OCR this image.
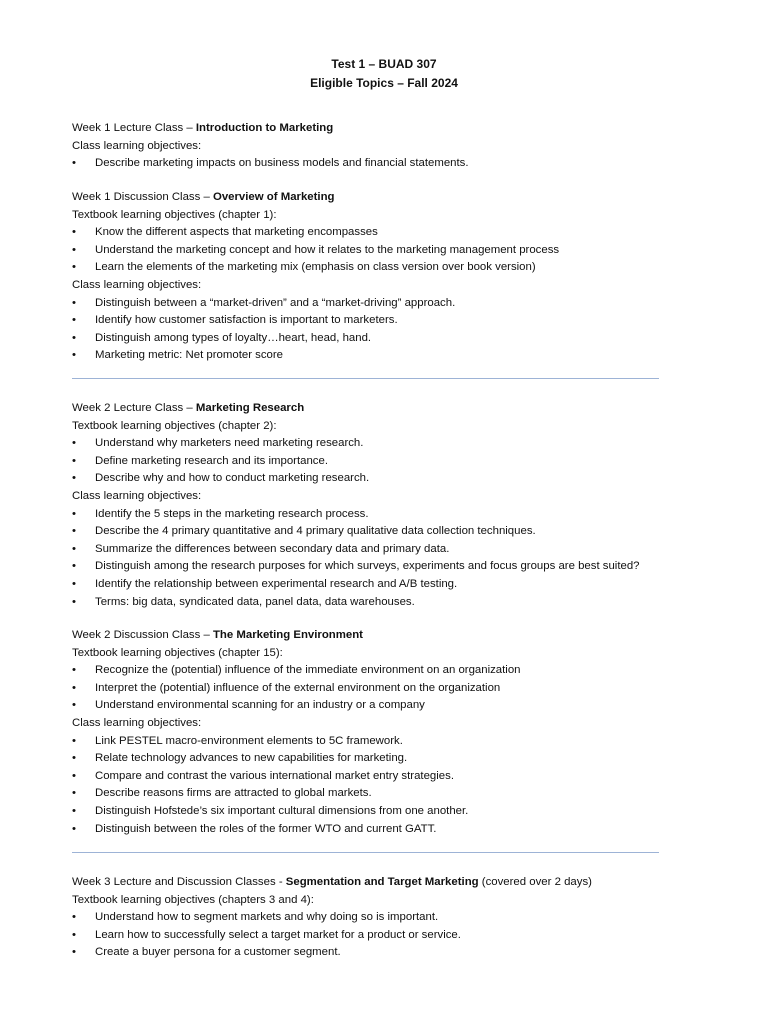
Test 1 – BUAD 307
Eligible Topics – Fall 2024
Week 1 Lecture Class – Introduction to Marketing
Class learning objectives:
• Describe marketing impacts on business models and financial statements.
Week 1 Discussion Class – Overview of Marketing
Textbook learning objectives (chapter 1):
• Know the different aspects that marketing encompasses
• Understand the marketing concept and how it relates to the marketing management process
• Learn the elements of the marketing mix (emphasis on class version over book version)
Class learning objectives:
• Distinguish between a “market-driven” and a “market-driving” approach.
• Identify how customer satisfaction is important to marketers.
• Distinguish among types of loyalty…heart, head, hand.
• Marketing metric: Net promoter score
Week 2 Lecture Class – Marketing Research
Textbook learning objectives (chapter 2):
• Understand why marketers need marketing research.
• Define marketing research and its importance.
• Describe why and how to conduct marketing research.
Class learning objectives:
• Identify the 5 steps in the marketing research process.
• Describe the 4 primary quantitative and 4 primary qualitative data collection techniques.
• Summarize the differences between secondary data and primary data.
• Distinguish among the research purposes for which surveys, experiments and focus groups are best suited?
• Identify the relationship between experimental research and A/B testing.
• Terms: big data, syndicated data, panel data, data warehouses.
Week 2 Discussion Class – The Marketing Environment
Textbook learning objectives (chapter 15):
• Recognize the (potential) influence of the immediate environment on an organization
• Interpret the (potential) influence of the external environment on the organization
• Understand environmental scanning for an industry or a company
Class learning objectives:
• Link PESTEL macro-environment elements to 5C framework.
• Relate technology advances to new capabilities for marketing.
• Compare and contrast the various international market entry strategies.
• Describe reasons firms are attracted to global markets.
• Distinguish Hofstede’s six important cultural dimensions from one another.
• Distinguish between the roles of the former WTO and current GATT.
Week 3 Lecture and Discussion Classes - Segmentation and Target Marketing (covered over 2 days)
Textbook learning objectives (chapters 3 and 4):
• Understand how to segment markets and why doing so is important.
• Learn how to successfully select a target market for a product or service.
• Create a buyer persona for a customer segment.
